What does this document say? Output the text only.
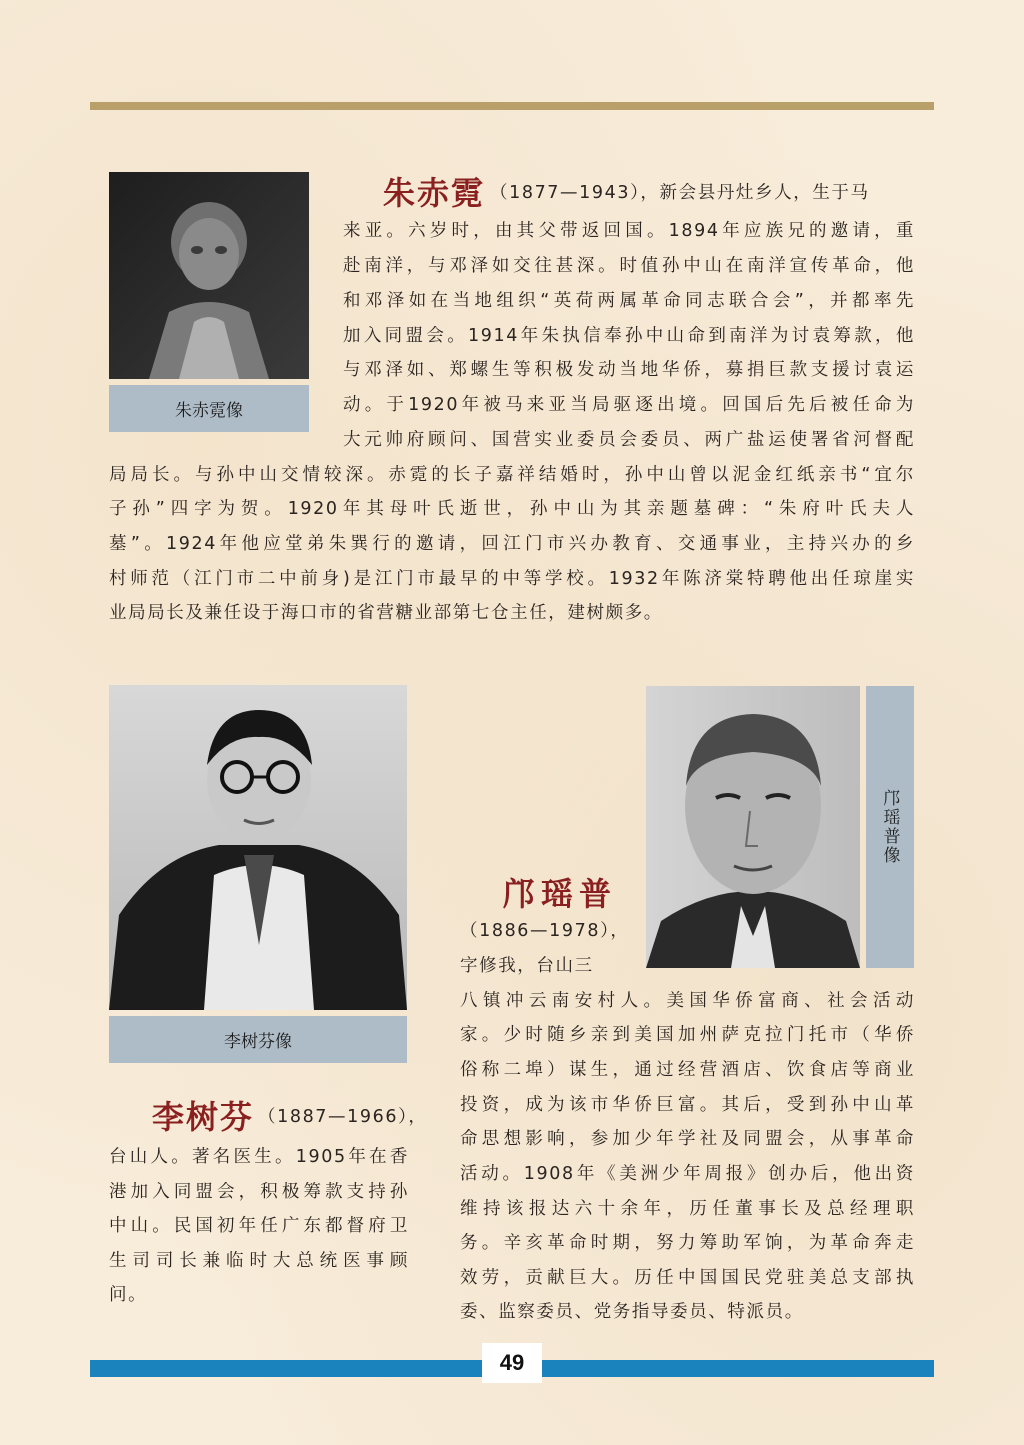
朱赤霓像
朱赤霓 （1877—1943），新会县丹灶乡人，生于马
来亚。六岁时，由其父带返回国。1894年应族兄的邀请，重
赴南洋，与邓泽如交往甚深。时值孙中山在南洋宣传革命，他
和邓泽如在当地组织“英荷两属革命同志联合会”，并都率先
加入同盟会。1914年朱执信奉孙中山命到南洋为讨袁筹款，他
与邓泽如、郑螺生等积极发动当地华侨，募捐巨款支援讨袁运
动。于1920年被马来亚当局驱逐出境。回国后先后被任命为
大元帅府顾问、国营实业委员会委员、两广盐运使署省河督配
局局长。与孙中山交情较深。赤霓的长子嘉祥结婚时，孙中山曾以泥金红纸亲书“宜尔
子孙”四字为贺。1920年其母叶氏逝世，孙中山为其亲题墓碑：“朱府叶氏夫人
墓”。1924年他应堂弟朱巽行的邀请，回江门市兴办教育、交通事业，主持兴办的乡
村师范（江门市二中前身)是江门市最早的中等学校。1932年陈济棠特聘他出任琼崖实
业局局长及兼任设于海口市的省营糖业部第七仓主任，建树颇多。
李树芬像
李树芬 （1887—1966），
台山人。著名医生。1905年在香
港加入同盟会，积极筹款支持孙
中山。民国初年任广东都督府卫
生司司长兼临时大总统医事顾
问。
邝瑶普像
邝瑶普
（1886—1978），
字修我，台山三
八镇冲云南安村人。美国华侨富商、社会活动
家。少时随乡亲到美国加州萨克拉门托市（华侨
俗称二埠）谋生，通过经营酒店、饮食店等商业
投资，成为该市华侨巨富。其后，受到孙中山革
命思想影响，参加少年学社及同盟会，从事革命
活动。1908年《美洲少年周报》创办后，他出资
维持该报达六十余年，历任董事长及总经理职
务。辛亥革命时期，努力筹助军饷，为革命奔走
效劳，贡献巨大。历任中国国民党驻美总支部执
委、监察委员、党务指导委员、特派员。
49
